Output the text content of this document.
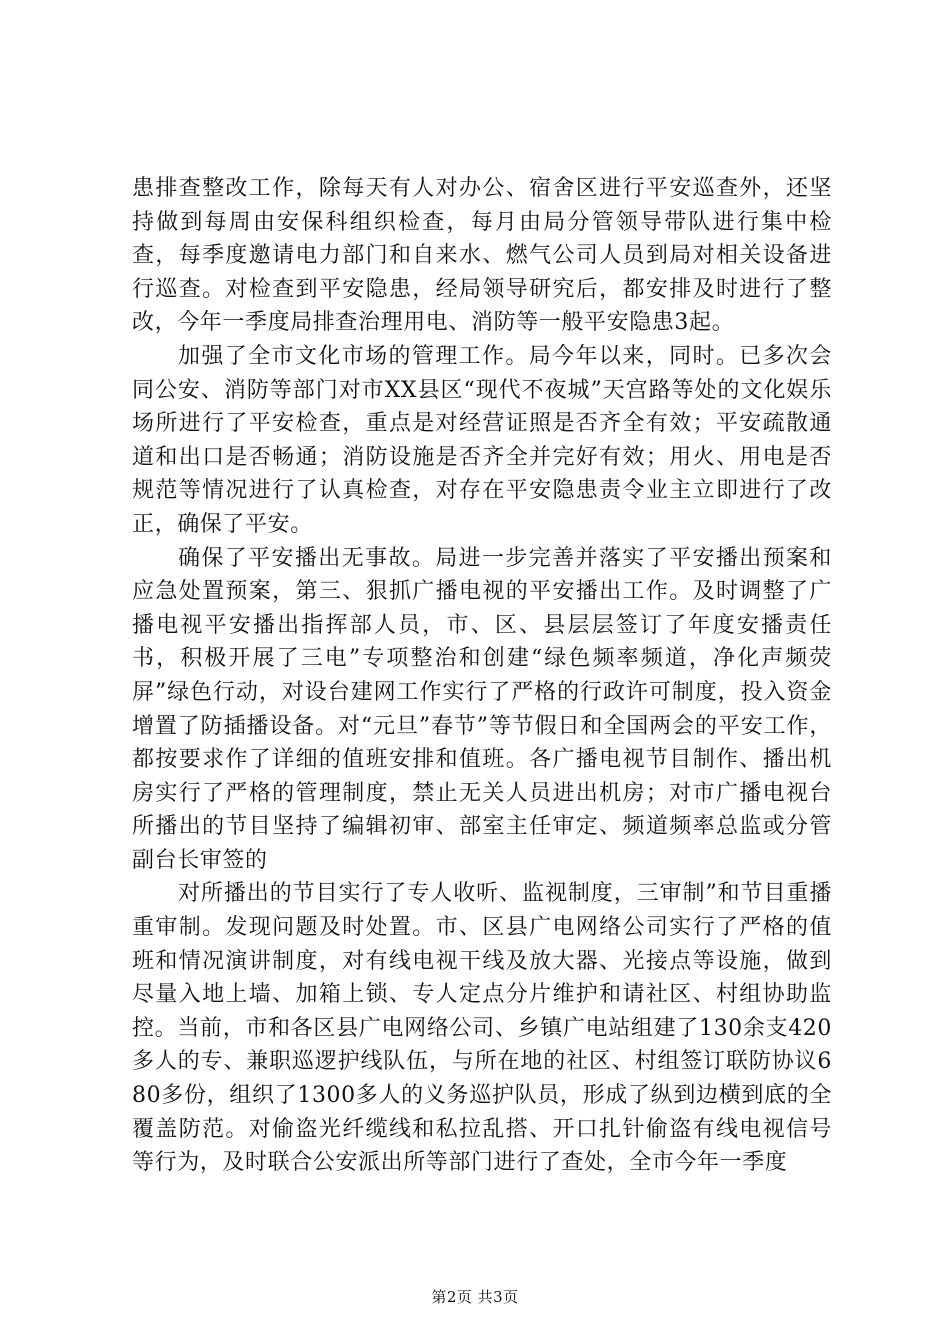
患排查整改工作，除每天有人对办公、宿舍区进行平安巡查外，还坚持做到每周由安保科组织检查，每月由局分管领导带队进行集中检查，每季度邀请电力部门和自来水、燃气公司人员到局对相关设备进行巡查。对检查到平安隐患，经局领导研究后，都安排及时进行了整改，今年一季度局排查治理用电、消防等一般平安隐患3起。

加强了全市文化市场的管理工作。局今年以来，同时。已多次会同公安、消防等部门对市XX县区“现代不夜城”天宫路等处的文化娱乐场所进行了平安检查，重点是对经营证照是否齐全有效；平安疏散通道和出口是否畅通；消防设施是否齐全并完好有效；用火、用电是否规范等情况进行了认真检查，对存在平安隐患责令业主立即进行了改正，确保了平安。

确保了平安播出无事故。局进一步完善并落实了平安播出预案和应急处置预案，第三、狠抓广播电视的平安播出工作。及时调整了广播电视平安播出指挥部人员，市、区、县层层签订了年度安播责任书，积极开展了三电”专项整治和创建“绿色频率频道，净化声频荧屏”绿色行动，对设台建网工作实行了严格的行政许可制度，投入资金增置了防插播设备。对“元旦”春节”等节假日和全国两会的平安工作，都按要求作了详细的值班安排和值班。各广播电视节目制作、播出机房实行了严格的管理制度，禁止无关人员进出机房；对市广播电视台所播出的节目坚持了编辑初审、部室主任审定、频道频率总监或分管副台长审签的

对所播出的节目实行了专人收听、监视制度，三审制”和节目重播重审制。发现问题及时处置。市、区县广电网络公司实行了严格的值班和情况演讲制度，对有线电视干线及放大器、光接点等设施，做到尽量入地上墙、加箱上锁、专人定点分片维护和请社区、村组协助监控。当前，市和各区县广电网络公司、乡镇广电站组建了130余支420多人的专、兼职巡逻护线队伍，与所在地的社区、村组签订联防协议680多份，组织了1300多人的义务巡护队员，形成了纵到边横到底的全覆盖防范。对偷盗光纤缆线和私拉乱搭、开口扎针偷盗有线电视信号等行为，及时联合公安派出所等部门进行了查处，全市今年一季度

第2页 共3页
